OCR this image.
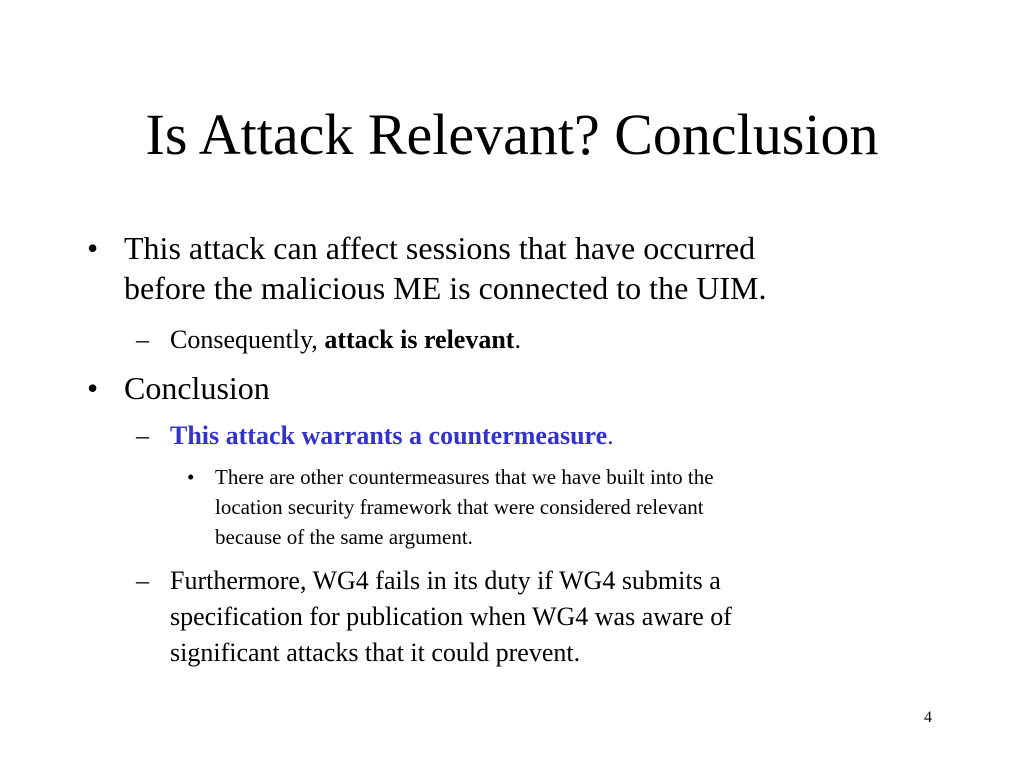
Is Attack Relevant? Conclusion
• This attack can affect sessions that have occurred
before the malicious ME is connected to the UIM.
– Consequently, attack is relevant.
• Conclusion
– This attack warrants a countermeasure.
• There are other countermeasures that we have built into the
location security framework that were considered relevant
because of the same argument.
– Furthermore, WG4 fails in its duty if WG4 submits a
specification for publication when WG4 was aware of
significant attacks that it could prevent.

4
